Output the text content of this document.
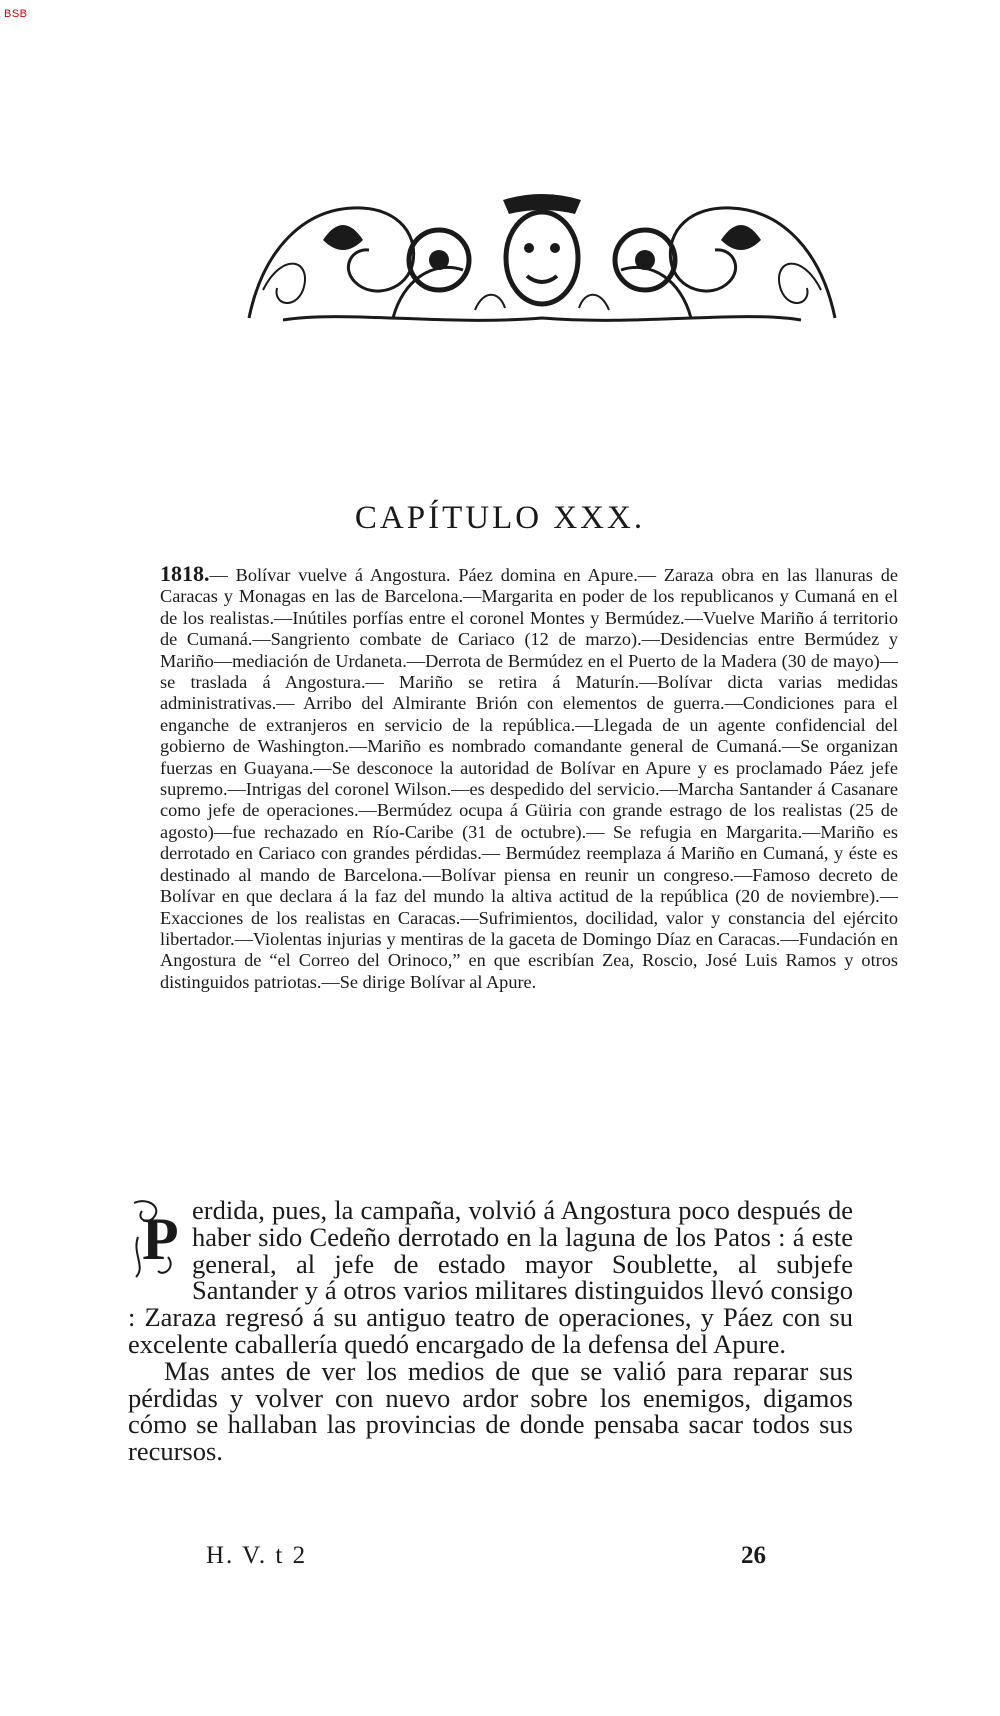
BSB
CAPÍTULO XXX.
1818.— Bolívar vuelve á Angostura. Páez domina en Apure.— Zaraza obra en las llanuras de Caracas y Monagas en las de Barcelona.—Margarita en poder de los republicanos y Cumaná en el de los realistas.—Inútiles porfías entre el coronel Montes y Bermúdez.—Vuelve Mariño á territorio de Cumaná.—Sangriento combate de Cariaco (12 de marzo).—Desidencias entre Bermúdez y Mariño—mediación de Urdaneta.—Derrota de Bermúdez en el Puerto de la Madera (30 de mayo)—se traslada á Angostura.— Mariño se retira á Maturín.—Bolívar dicta varias medidas administrativas.— Arribo del Almirante Brión con elementos de guerra.—Condiciones para el enganche de extranjeros en servicio de la república.—Llegada de un agente confidencial del gobierno de Washington.—Mariño es nombrado comandante general de Cumaná.—Se organizan fuerzas en Guayana.—Se desconoce la autoridad de Bolívar en Apure y es proclamado Páez jefe supremo.—Intrigas del coronel Wilson.—es despedido del servicio.—Marcha Santander á Casanare como jefe de operaciones.—Bermúdez ocupa á Güiria con grande estrago de los realistas (25 de agosto)—fue rechazado en Río-Caribe (31 de octubre).— Se refugia en Margarita.—Mariño es derrotado en Cariaco con grandes pérdidas.— Bermúdez reemplaza á Mariño en Cumaná, y éste es destinado al mando de Barcelona.—Bolívar piensa en reunir un congreso.—Famoso decreto de Bolívar en que declara á la faz del mundo la altiva actitud de la república (20 de noviembre).—Exacciones de los realistas en Caracas.—Sufrimientos, docilidad, valor y constancia del ejército libertador.—Violentas injurias y mentiras de la gaceta de Domingo Díaz en Caracas.—Fundación en Angostura de “el Correo del Orinoco,” en que escribían Zea, Roscio, José Luis Ramos y otros distinguidos patriotas.—Se dirige Bolívar al Apure.

P erdida, pues, la campaña, volvió á Angostura poco después de haber sido Cedeño derrotado en la laguna de los Patos : á este general, al jefe de estado mayor Soublette, al subjefe Santander y á otros varios militares distinguidos llevó consigo : Zaraza regresó á su antiguo teatro de operaciones, y Páez con su excelente caballería quedó encargado de la defensa del Apure.

Mas antes de ver los medios de que se valió para reparar sus pérdidas y volver con nuevo ardor sobre los enemigos, digamos cómo se hallaban las provincias de donde pensaba sacar todos sus recursos.

H. V. t 2	26
